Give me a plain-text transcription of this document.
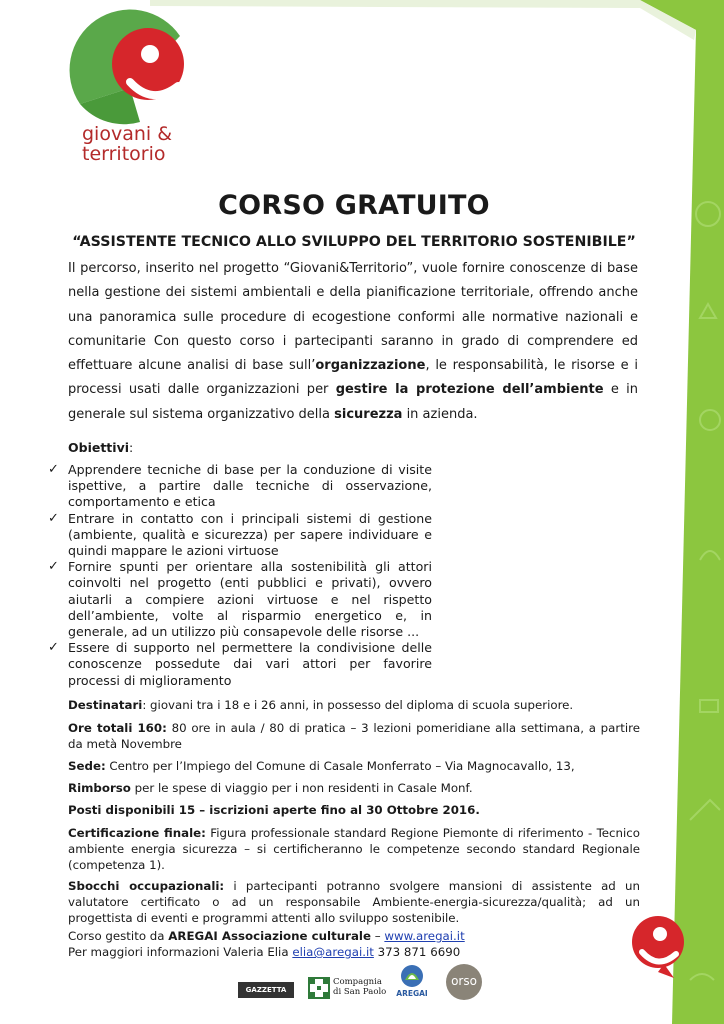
giovani &
territorio
CORSO GRATUITO
“ASSISTENTE TECNICO ALLO SVILUPPO DEL TERRITORIO SOSTENIBILE”
Il percorso, inserito nel progetto “Giovani&Territorio”, vuole fornire conoscenze di base nella gestione dei sistemi ambientali e della pianificazione territoriale, offrendo anche una panoramica sulle procedure di ecogestione conformi alle normative nazionali e comunitarie Con questo corso i partecipanti saranno in grado di comprendere ed effettuare alcune analisi di base sull’organizzazione, le responsabilità, le risorse e i processi usati dalle organizzazioni per gestire la protezione dell’ambiente e in generale sul sistema organizzativo della sicurezza in azienda.
Obiettivi:
✓ Apprendere tecniche di base per la conduzione di visite ispettive, a partire dalle tecniche di osservazione, comportamento e etica
✓ Entrare in contatto con i principali sistemi di gestione (ambiente, qualità e sicurezza) per sapere individuare e quindi mappare le azioni virtuose
✓ Fornire spunti per orientare alla sostenibilità gli attori coinvolti nel progetto (enti pubblici e privati), ovvero aiutarli a compiere azioni virtuose e nel rispetto dell’ambiente, volte al risparmio energetico e, in generale, ad un utilizzo più consapevole delle risorse ...
✓ Essere di supporto nel permettere la condivisione delle conoscenze possedute dai vari attori per favorire processi di miglioramento
Destinatari: giovani tra i 18 e i 26 anni, in possesso del diploma di scuola superiore.
Ore totali 160: 80 ore in aula / 80 di pratica – 3 lezioni pomeridiane alla settimana, a partire da metà Novembre
Sede: Centro per l’Impiego del Comune di Casale Monferrato – Via Magnocavallo, 13,
Rimborso per le spese di viaggio per i non residenti in Casale Monf.
Posti disponibili 15 – iscrizioni aperte fino al 30 Ottobre 2016.
Certificazione finale: Figura professionale standard Regione Piemonte di riferimento - Tecnico ambiente energia sicurezza – si certificheranno le competenze secondo standard Regionale (competenza 1).
Sbocchi occupazionali: i partecipanti potranno svolgere mansioni di assistente ad un valutatore certificato o ad un responsabile Ambiente-energia-sicurezza/qualità; ad un progettista di eventi e programmi attenti allo sviluppo sostenibile.
Corso gestito da AREGAI Associazione culturale – www.aregai.it
Per maggiori informazioni Valeria Elia elia@aregai.it 373 871 6690
GAZZETTA FIRST
Compagnia
di San Paolo	AREGAI
orso
